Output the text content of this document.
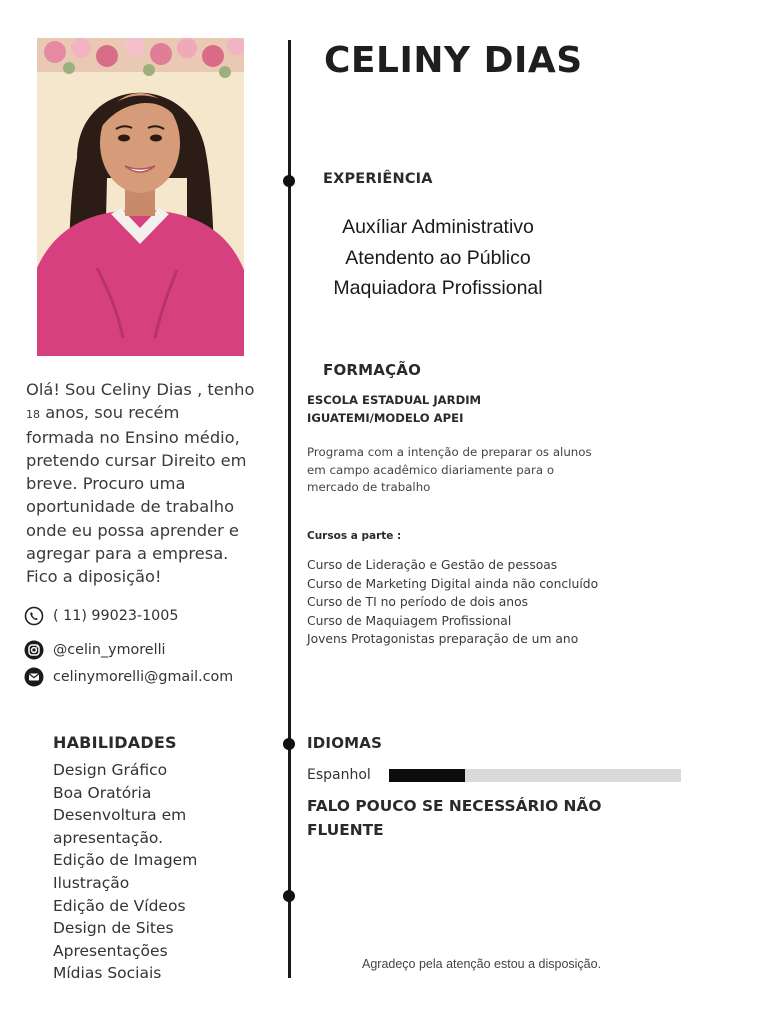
Olá! Sou Celiny Dias , tenho
18 anos, sou recém
formada no Ensino médio,
pretendo cursar Direito em
breve. Procuro uma
oportunidade de trabalho
onde eu possa aprender e
agregar para a empresa.
Fico a diposição!
( 11) 99023-1005
@celin_ymorelli
celinymorelli@gmail.com
HABILIDADES
Design Gráfico
Boa Oratória
Desenvoltura em
apresentação.
Edição de Imagem
Ilustração
Edição de Vídeos
Design de Sites
Apresentações
Mídias Sociais
CELINY DIAS
EXPERIÊNCIA
Auxíliar Administrativo
Atendento ao Público
Maquiadora Profissional
FORMAÇÃO
ESCOLA ESTADUAL JARDIM
IGUATEMI/MODELO APEI
Programa com a intenção de preparar os alunos
em campo acadêmico diariamente para o
mercado de trabalho
Cursos a parte :
Curso de Lideração e Gestão de pessoas
Curso de Marketing Digital ainda não concluído
Curso de TI no período de dois anos
Curso de Maquiagem Profissional
Jovens Protagonistas preparação de um ano
IDIOMAS
Espanhol
FALO POUCO SE NECESSÁRIO NÃO
FLUENTE
Agradeço pela atenção estou a disposição.
